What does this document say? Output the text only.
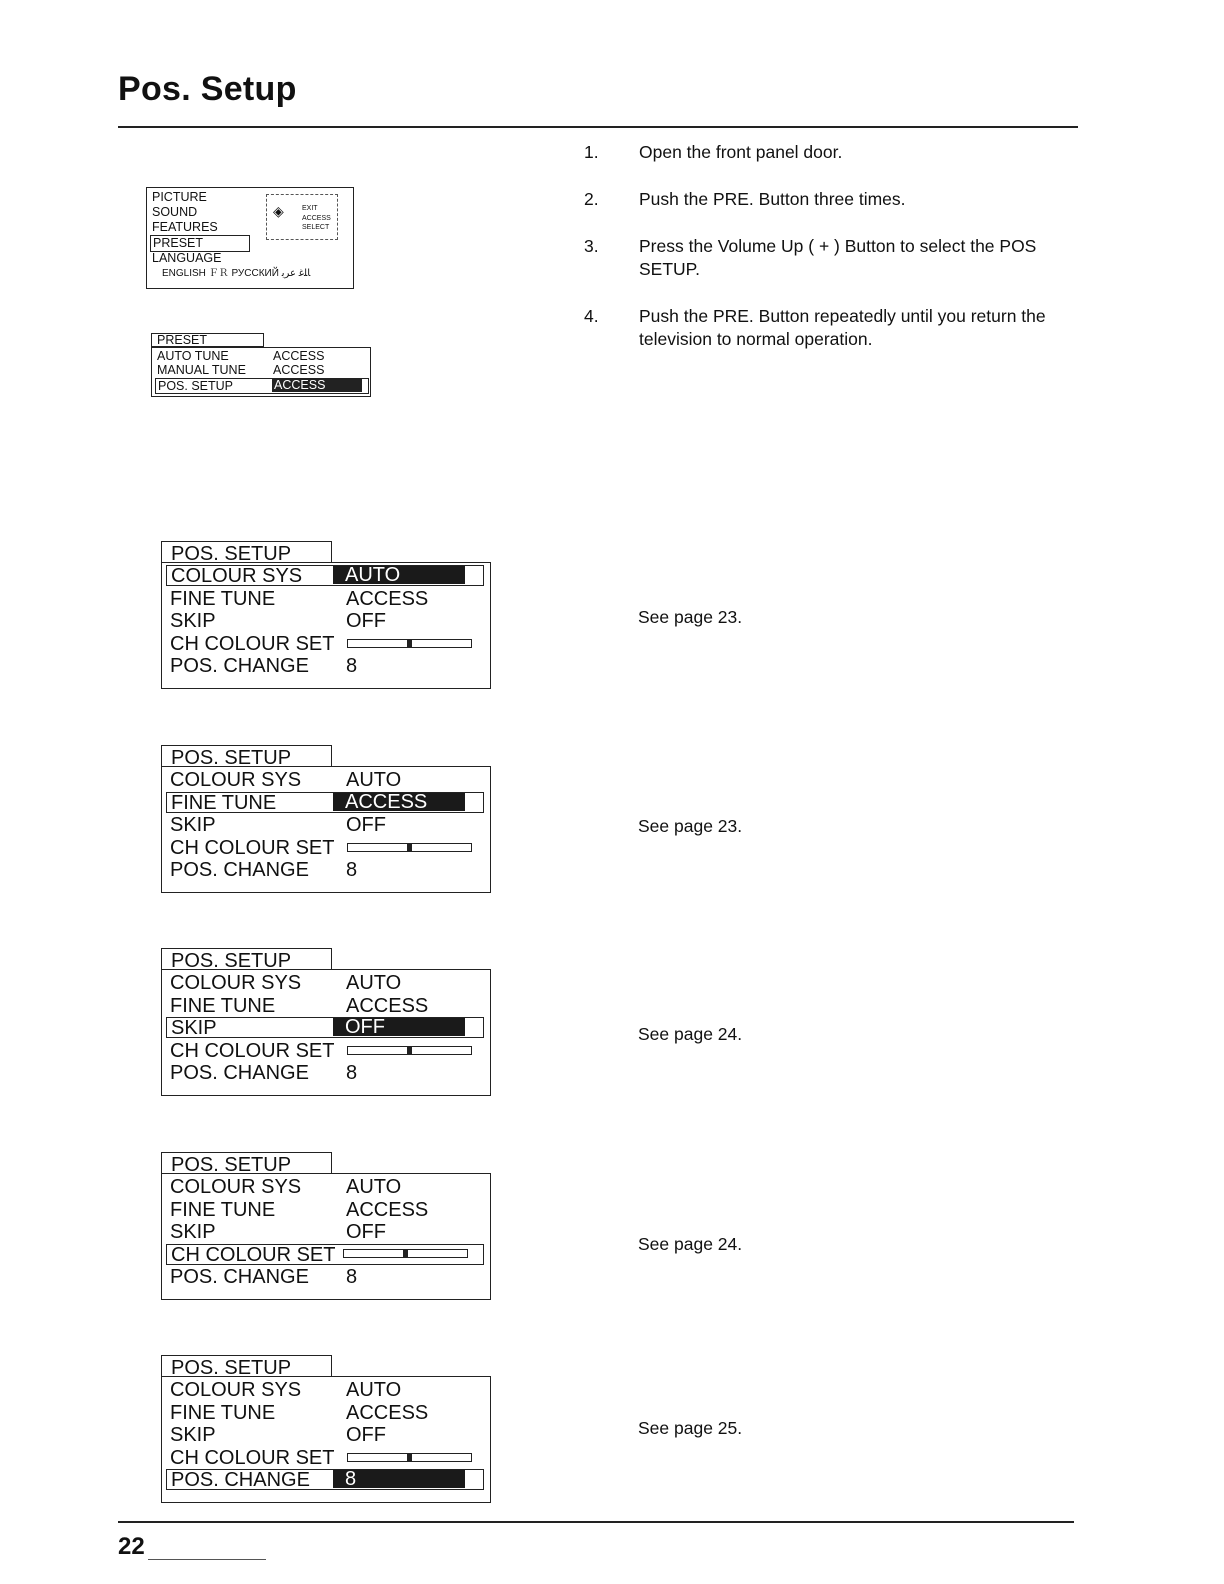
Pos. Setup
1.	Open the front panel door.
2.	Push the PRE. Button three times.
3.	Press the Volume Up ( + ) Button to select the POS SETUP.
4.	Push the PRE. Button repeatedly until you return the television to normal operation.
PICTURE
SOUND
FEATURES
PRESET
LANGUAGE
ENGLISH ＦＲ РУССКИЙ ﺎﻠﻏ ﻋﺮﺑ
◈	EXIT
ACCESS
SELECT
PRESET
AUTO TUNE	ACCESS
MANUAL TUNE ACCESS
POS. SETUP	ACCESS
POS. SETUP
COLOUR SYS AUTO
FINE TUNE	ACCESS
SKIP	OFF
CH COLOUR SET
POS. CHANGE 8
See page 23.
POS. SETUP
COLOUR SYS AUTO
FINE TUNE	ACCESS
SKIP	OFF
CH COLOUR SET
POS. CHANGE 8
See page 23.
POS. SETUP
COLOUR SYS AUTO
FINE TUNE	ACCESS
SKIP	OFF
CH COLOUR SET
POS. CHANGE 8
See page 24.
POS. SETUP
COLOUR SYS AUTO
FINE TUNE	ACCESS
SKIP	OFF
CH COLOUR SET
POS. CHANGE 8
See page 24.
POS. SETUP
COLOUR SYS AUTO
FINE TUNE	ACCESS
SKIP	OFF
CH COLOUR SET
POS. CHANGE 8
See page 25.
22
